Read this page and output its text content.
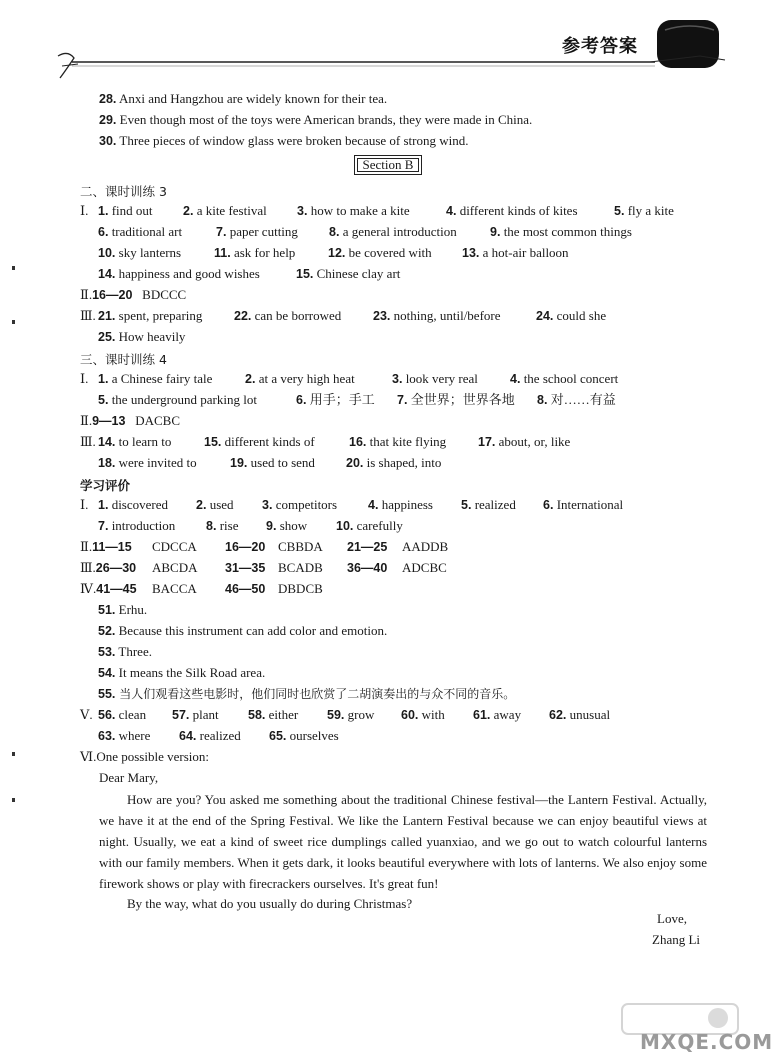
参考答案
28. Anxi and Hangzhou are widely known for their tea.
29. Even though most of the toys were American brands, they were made in China.
30. Three pieces of window glass were broken because of strong wind.
Section B
二、课时训练 3
Ⅰ. 1. find out 2. a kite festival 3. how to make a kite	4. different kinds of kites	5. fly a kite
6. traditional art	7. paper cutting 8. a general introduction	9. the most common things
10. sky lanterns	11. ask for help	12. be covered with 13. a hot-air balloon
14. happiness and good wishes	15. Chinese clay art
Ⅱ.16—20 BDCCC
Ⅲ. 21. spent, preparing	22. can be borrowed	23. nothing, until/before	24. could she
25. How heavily
三、课时训练 4
Ⅰ. 1. a Chinese fairy tale	2. at a very high heat	3. look very real	4. the school concert
5. the underground parking lot	6. 用手；手工 7. 全世界；世界各地 8. 对……有益
Ⅱ.9—13 DACBC
Ⅲ. 14. to learn to	15. different kinds of	16. that kite flying	17. about, or, like
18. were invited to	19. used to send 20. is shaped, into
学习评价
Ⅰ. 1. discovered 2. used 3. competitors 4. happiness 5. realized 6. International
7. introduction 8. rise 9. show 10. carefully
Ⅱ.11—15 CDCCA 16—20 CBBDA 21—25 AADDB
Ⅲ.26—30 ABCDA 31—35 BCADB 36—40 ADCBC
Ⅳ.41—45 BACCA 46—50 DBDCB
51. Erhu.
52. Because this instrument can add color and emotion.
53. Three.
54. It means the Silk Road area.
55. 当人们观看这些电影时，他们同时也欣赏了二胡演奏出的与众不同的音乐。
Ⅴ. 56. clean 57. plant 58. either 59. grow 60. with 61. away 62. unusual
63. where 64. realized 65. ourselves
Ⅵ.One possible version:
Dear Mary,
How are you? You asked me something about the traditional Chinese festival—the Lantern Festival. Actually, we have it at the end of the Spring Festival. We like the Lantern Festival because we can enjoy beautiful views at night. Usually, we eat a kind of sweet rice dumplings called yuanxiao, and we go out to watch colourful lanterns with our family members. When it gets dark, it looks beautiful everywhere with lots of lanterns. We also enjoy some firework shows or play with firecrackers ourselves. It's great fun!
By the way, what do you usually do during Christmas?
Love,
Zhang Li
MXQE.COM
